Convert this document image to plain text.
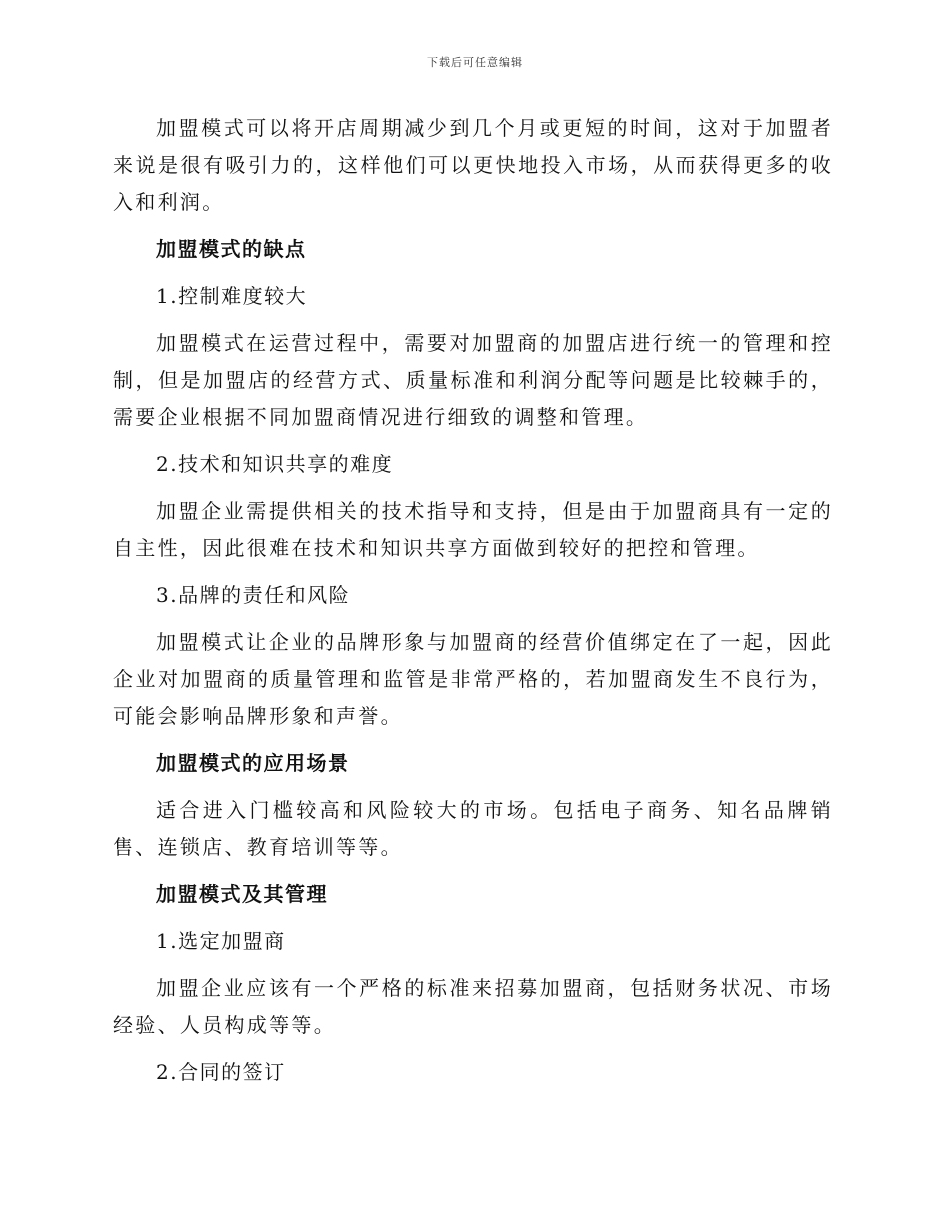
下载后可任意编辑

加盟模式可以将开店周期减少到几个月或更短的时间，这对于加盟者来说是很有吸引力的，这样他们可以更快地投入市场，从而获得更多的收入和利润。

加盟模式的缺点

1.控制难度较大

加盟模式在运营过程中，需要对加盟商的加盟店进行统一的管理和控制，但是加盟店的经营方式、质量标准和利润分配等问题是比较棘手的，需要企业根据不同加盟商情况进行细致的调整和管理。

2.技术和知识共享的难度

加盟企业需提供相关的技术指导和支持，但是由于加盟商具有一定的自主性，因此很难在技术和知识共享方面做到较好的把控和管理。

3.品牌的责任和风险

加盟模式让企业的品牌形象与加盟商的经营价值绑定在了一起，因此企业对加盟商的质量管理和监管是非常严格的，若加盟商发生不良行为，可能会影响品牌形象和声誉。

加盟模式的应用场景

适合进入门槛较高和风险较大的市场。包括电子商务、知名品牌销售、连锁店、教育培训等等。

加盟模式及其管理

1.选定加盟商

加盟企业应该有一个严格的标准来招募加盟商，包括财务状况、市场经验、人员构成等等。

2.合同的签订
